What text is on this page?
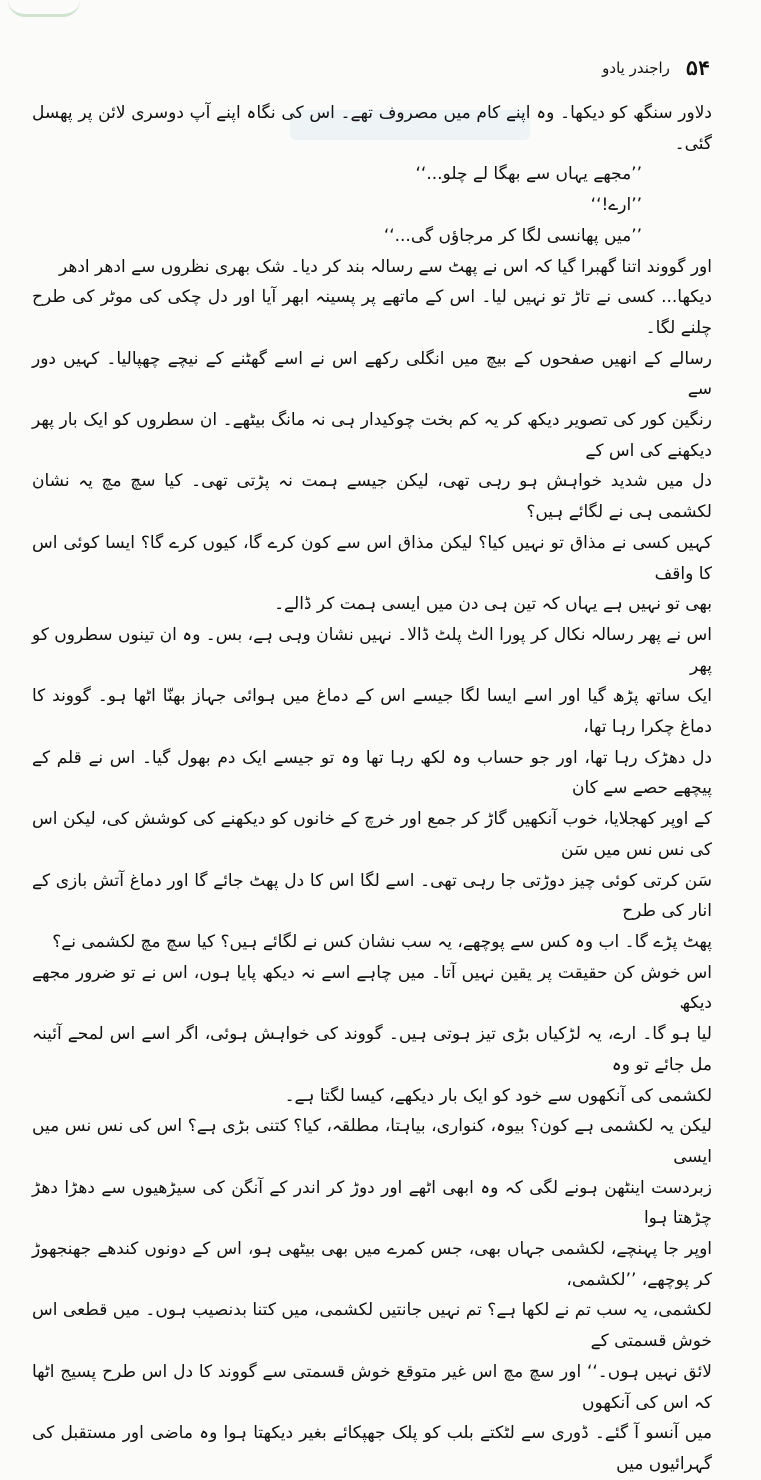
۵۴
راجندر یادو

دلاور سنگھ کو دیکھا۔ وہ اپنے کام میں مصروف تھے۔ اس کی نگاہ اپنے آپ دوسری لائن پر پھسل گئی۔

’’مجھے یہاں سے بھگا لے چلو...‘‘

’’ارے!‘‘

’’میں پھانسی لگا کر مرجاؤں گی...‘‘

اور گووند اتنا گھبرا گیا کہ اس نے پھٹ سے رسالہ بند کر دیا۔ شک بھری نظروں سے ادھر ادھر

دیکھا... کسی نے تاڑ تو نہیں لیا۔ اس کے ماتھے پر پسینہ ابھر آیا اور دل چکی کی موٹر کی طرح چلنے لگا۔

رسالے کے انھیں صفحوں کے بیچ میں انگلی رکھے اس نے اسے گھٹنے کے نیچے چھپالیا۔ کہیں دور سے

رنگین کور کی تصویر دیکھ کر یہ کم بخت چوکیدار ہی نہ مانگ بیٹھے۔ ان سطروں کو ایک بار پھر دیکھنے کی اس کے

دل میں شدید خواہش ہو رہی تھی، لیکن جیسے ہمت نہ پڑتی تھی۔ کیا سچ مچ یہ نشان لکشمی ہی نے لگائے ہیں؟

کہیں کسی نے مذاق تو نہیں کیا؟ لیکن مذاق اس سے کون کرے گا، کیوں کرے گا؟ ایسا کوئی اس کا واقف

بھی تو نہیں ہے یہاں کہ تین ہی دن میں ایسی ہمت کر ڈالے۔

اس نے پھر رسالہ نکال کر پورا الٹ پلٹ ڈالا۔ نہیں نشان وہی ہے، بس۔ وہ ان تینوں سطروں کو پھر

ایک ساتھ پڑھ گیا اور اسے ایسا لگا جیسے اس کے دماغ میں ہوائی جہاز بھنّا اٹھا ہو۔ گووند کا دماغ چکرا رہا تھا،

دل دھڑک رہا تھا، اور جو حساب وہ لکھ رہا تھا وہ تو جیسے ایک دم بھول گیا۔ اس نے قلم کے پیچھے حصے سے کان

کے اوپر کھجلایا، خوب آنکھیں گاڑ کر جمع اور خرچ کے خانوں کو دیکھنے کی کوشش کی، لیکن اس کی نس نس میں سَن

سَن کرتی کوئی چیز دوڑتی جا رہی تھی۔ اسے لگا اس کا دل پھٹ جائے گا اور دماغ آتش بازی کے انار کی طرح

پھٹ پڑے گا۔ اب وہ کس سے پوچھے، یہ سب نشان کس نے لگائے ہیں؟ کیا سچ مچ لکشمی نے؟

اس خوش کن حقیقت پر یقین نہیں آتا۔ میں چاہے اسے نہ دیکھ پایا ہوں، اس نے تو ضرور مجھے دیکھ

لیا ہو گا۔ ارے، یہ لڑکیاں بڑی تیز ہوتی ہیں۔ گووند کی خواہش ہوئی، اگر اسے اس لمحے آئینہ مل جائے تو وہ

لکشمی کی آنکھوں سے خود کو ایک بار دیکھے، کیسا لگتا ہے۔

لیکن یہ لکشمی ہے کون؟ بیوہ، کنواری، بیاہتا، مطلقہ، کیا؟ کتنی بڑی ہے؟ اس کی نس نس میں ایسی

زبردست اینٹھن ہونے لگی کہ وہ ابھی اٹھے اور دوڑ کر اندر کے آنگن کی سیڑھیوں سے دھڑا دھڑ چڑھتا ہوا

اوپر جا پہنچے، لکشمی جہاں بھی، جس کمرے میں بھی بیٹھی ہو، اس کے دونوں کندھے جھنجھوڑ کر پوچھے، ’’لکشمی،

لکشمی، یہ سب تم نے لکھا ہے؟ تم نہیں جانتیں لکشمی، میں کتنا بدنصیب ہوں۔ میں قطعی اس خوش قسمتی کے

لائق نہیں ہوں۔‘‘ اور سچ مچ اس غیر متوقع خوش قسمتی سے گووند کا دل اس طرح پسیج اٹھا کہ اس کی آنکھوں

میں آنسو آ گئے۔ ڈوری سے لٹکتے بلب کو پلک جھپکائے بغیر دیکھتا ہوا وہ ماضی اور مستقبل کی گہرائیوں میں
